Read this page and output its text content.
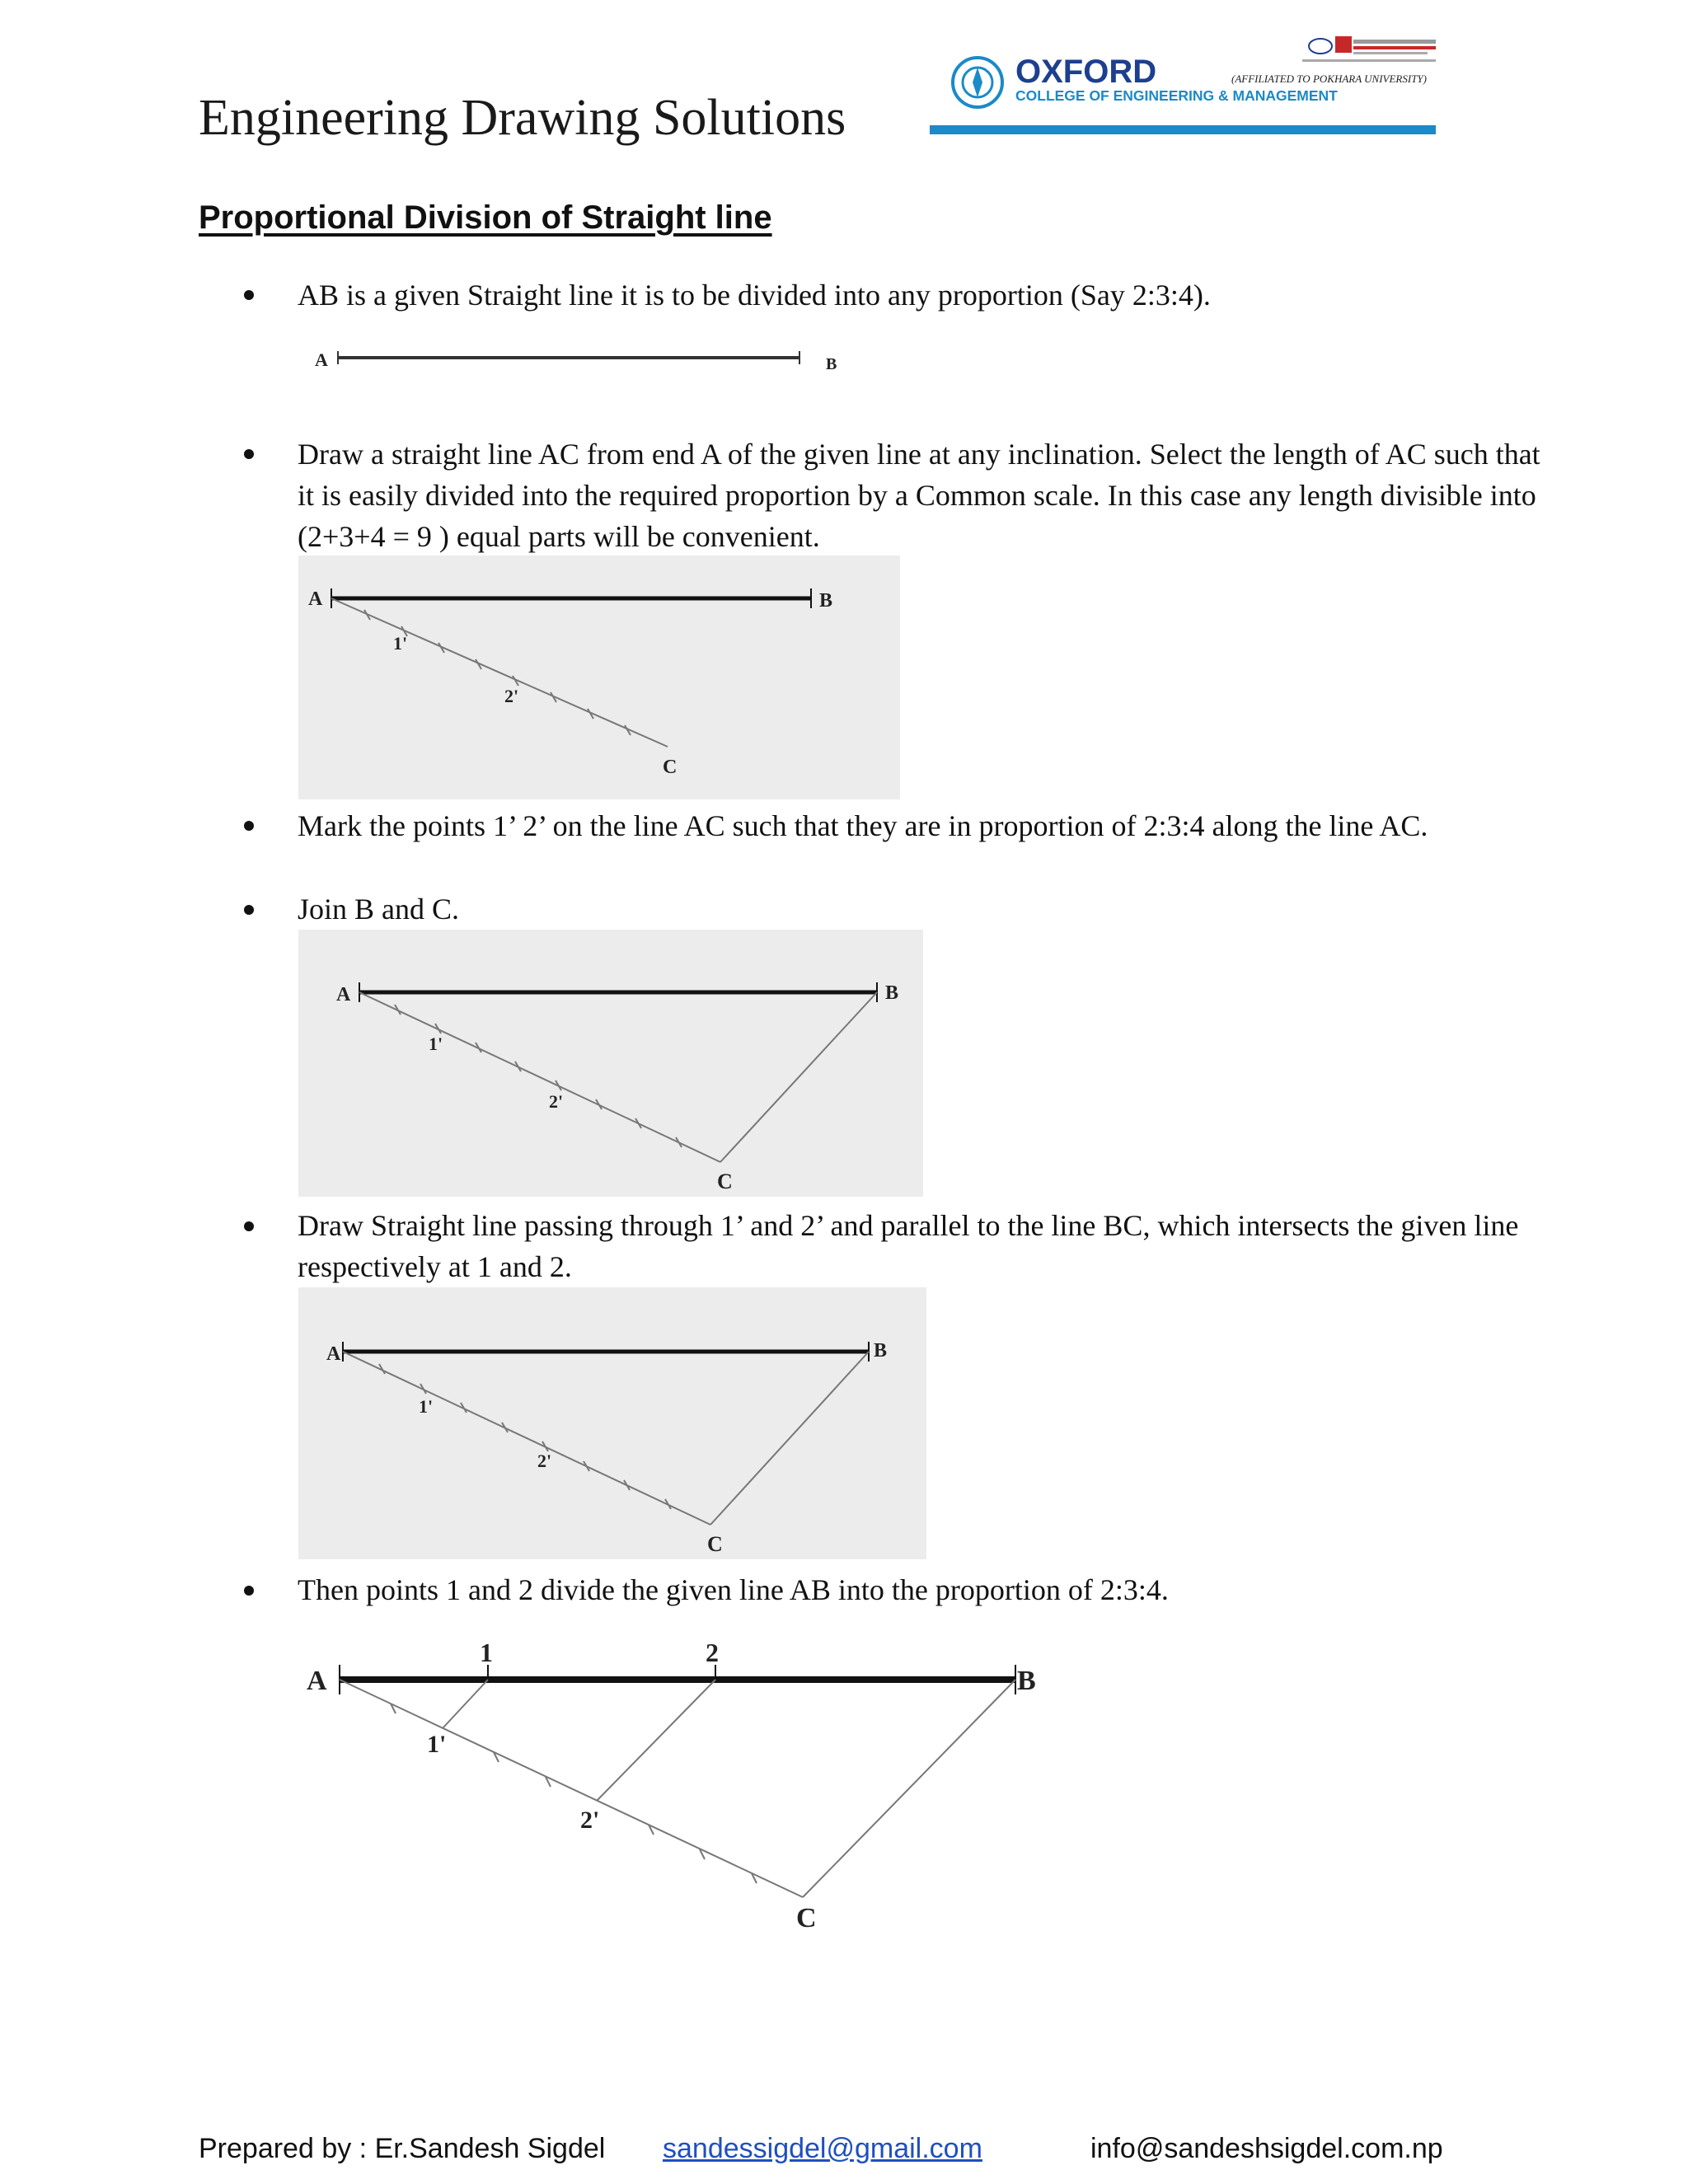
Engineering Drawing Solutions
OXFORD	(AFFILIATED TO POKHARA UNIVERSITY)
COLLEGE OF ENGINEERING & MANAGEMENT
Proportional Division of Straight line
AB is a given Straight line it is to be divided into any proportion (Say 2:3:4).
A	B
Draw a straight line AC from end A of the given line at any inclination. Select the length of AC such that it is easily divided into the required proportion by a Common scale. In this case any length divisible into (2+3+4 = 9 ) equal parts will be convenient.
A	B
1'
2'
C
Mark the points 1’ 2’ on the line AC such that they are in proportion of 2:3:4 along the line AC.
Join B and C.
A	B
1'
2'
C
Draw Straight line passing through 1’ and 2’ and parallel to the line BC, which intersects the given line respectively at 1 and 2.
A	B
1'
2'
C
Then points 1 and 2 divide the given line AB into the proportion of 2:3:4.
A	B
1	2
1'
2'
C
Prepared by : Er.Sandesh Sigdel sandessigdel@gmail.com	info@sandeshsigdel.com.np
